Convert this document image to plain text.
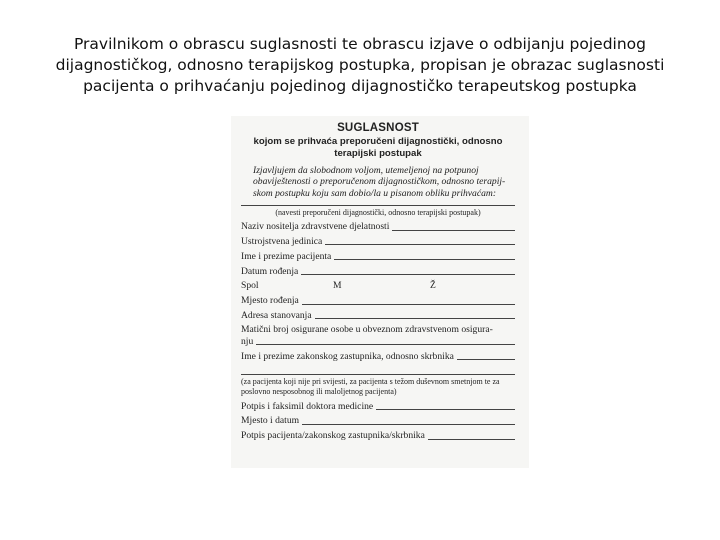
Pravilnikom o obrascu suglasnosti te obrascu izjave o odbijanju pojedinog
dijagnostičkog, odnosno terapijskog postupka, propisan je obrazac suglasnosti
pacijenta o prihvaćanju pojedinog dijagnostičko terapeutskog postupka
SUGLASNOST
kojom se prihvaća preporučeni dijagnostički, odnosno
terapijski postupak
Izjavljujem da slobodnom voljom, utemeljenoj na potpunoj
obaviještenosti o preporučenom dijagnostičkom, odnosno terapij-
skom postupku koju sam dobio/la u pisanom obliku prihvaćam:
(navesti preporučeni dijagnostički, odnosno terapijski postupak)
Naziv nositelja zdravstvene djelatnosti
Ustrojstvena jedinica
Ime i prezime pacijenta
Datum rođenja
Spol	M	Ž
Mjesto rođenja
Adresa stanovanja
Matični broj osigurane osobe u obveznom zdravstvenom osigura-
nju
Ime i prezime zakonskog zastupnika, odnosno skrbnika
(za pacijenta koji nije pri svijesti, za pacijenta s težom duševnom smetnjom te za poslovno nesposobnog ili maloljetnog pacijenta)
Potpis i faksimil doktora medicine
Mjesto i datum
Potpis pacijenta/zakonskog zastupnika/skrbnika
